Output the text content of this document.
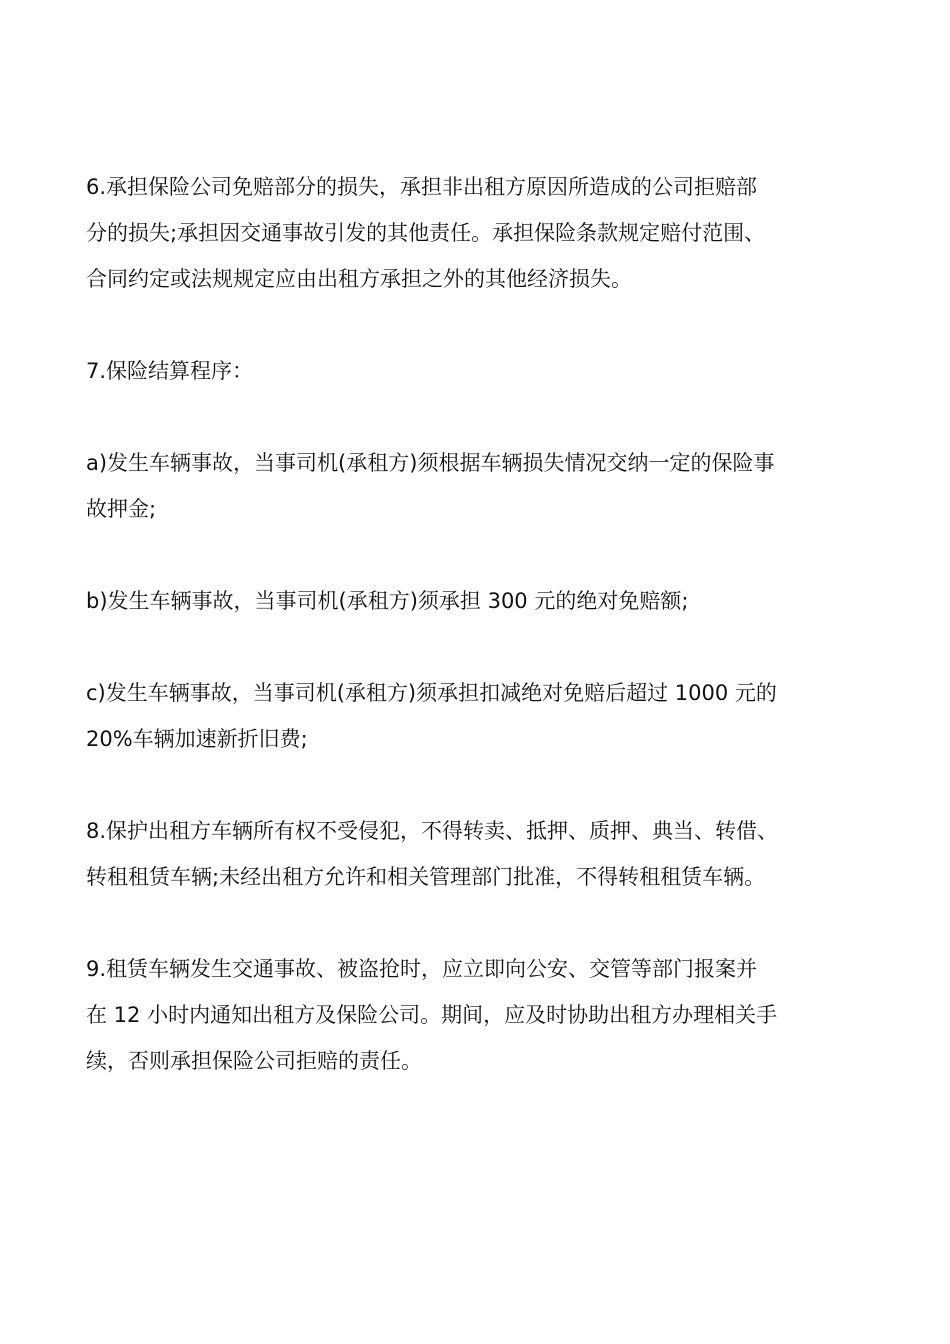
6.承担保险公司免赔部分的损失，承担非出租方原因所造成的公司拒赔部
分的损失;承担因交通事故引发的其他责任。承担保险条款规定赔付范围、
合同约定或法规规定应由出租方承担之外的其他经济损失。
7.保险结算程序：
a)发生车辆事故，当事司机(承租方)须根据车辆损失情况交纳一定的保险事
故押金;
b)发生车辆事故，当事司机(承租方)须承担 300 元的绝对免赔额;
c)发生车辆事故，当事司机(承租方)须承担扣减绝对免赔后超过 1000 元的
20%车辆加速新折旧费;
8.保护出租方车辆所有权不受侵犯，不得转卖、抵押、质押、典当、转借、
转租租赁车辆;未经出租方允许和相关管理部门批准，不得转租租赁车辆。
9.租赁车辆发生交通事故、被盗抢时，应立即向公安、交管等部门报案并
在 12 小时内通知出租方及保险公司。期间，应及时协助出租方办理相关手
续，否则承担保险公司拒赔的责任。
